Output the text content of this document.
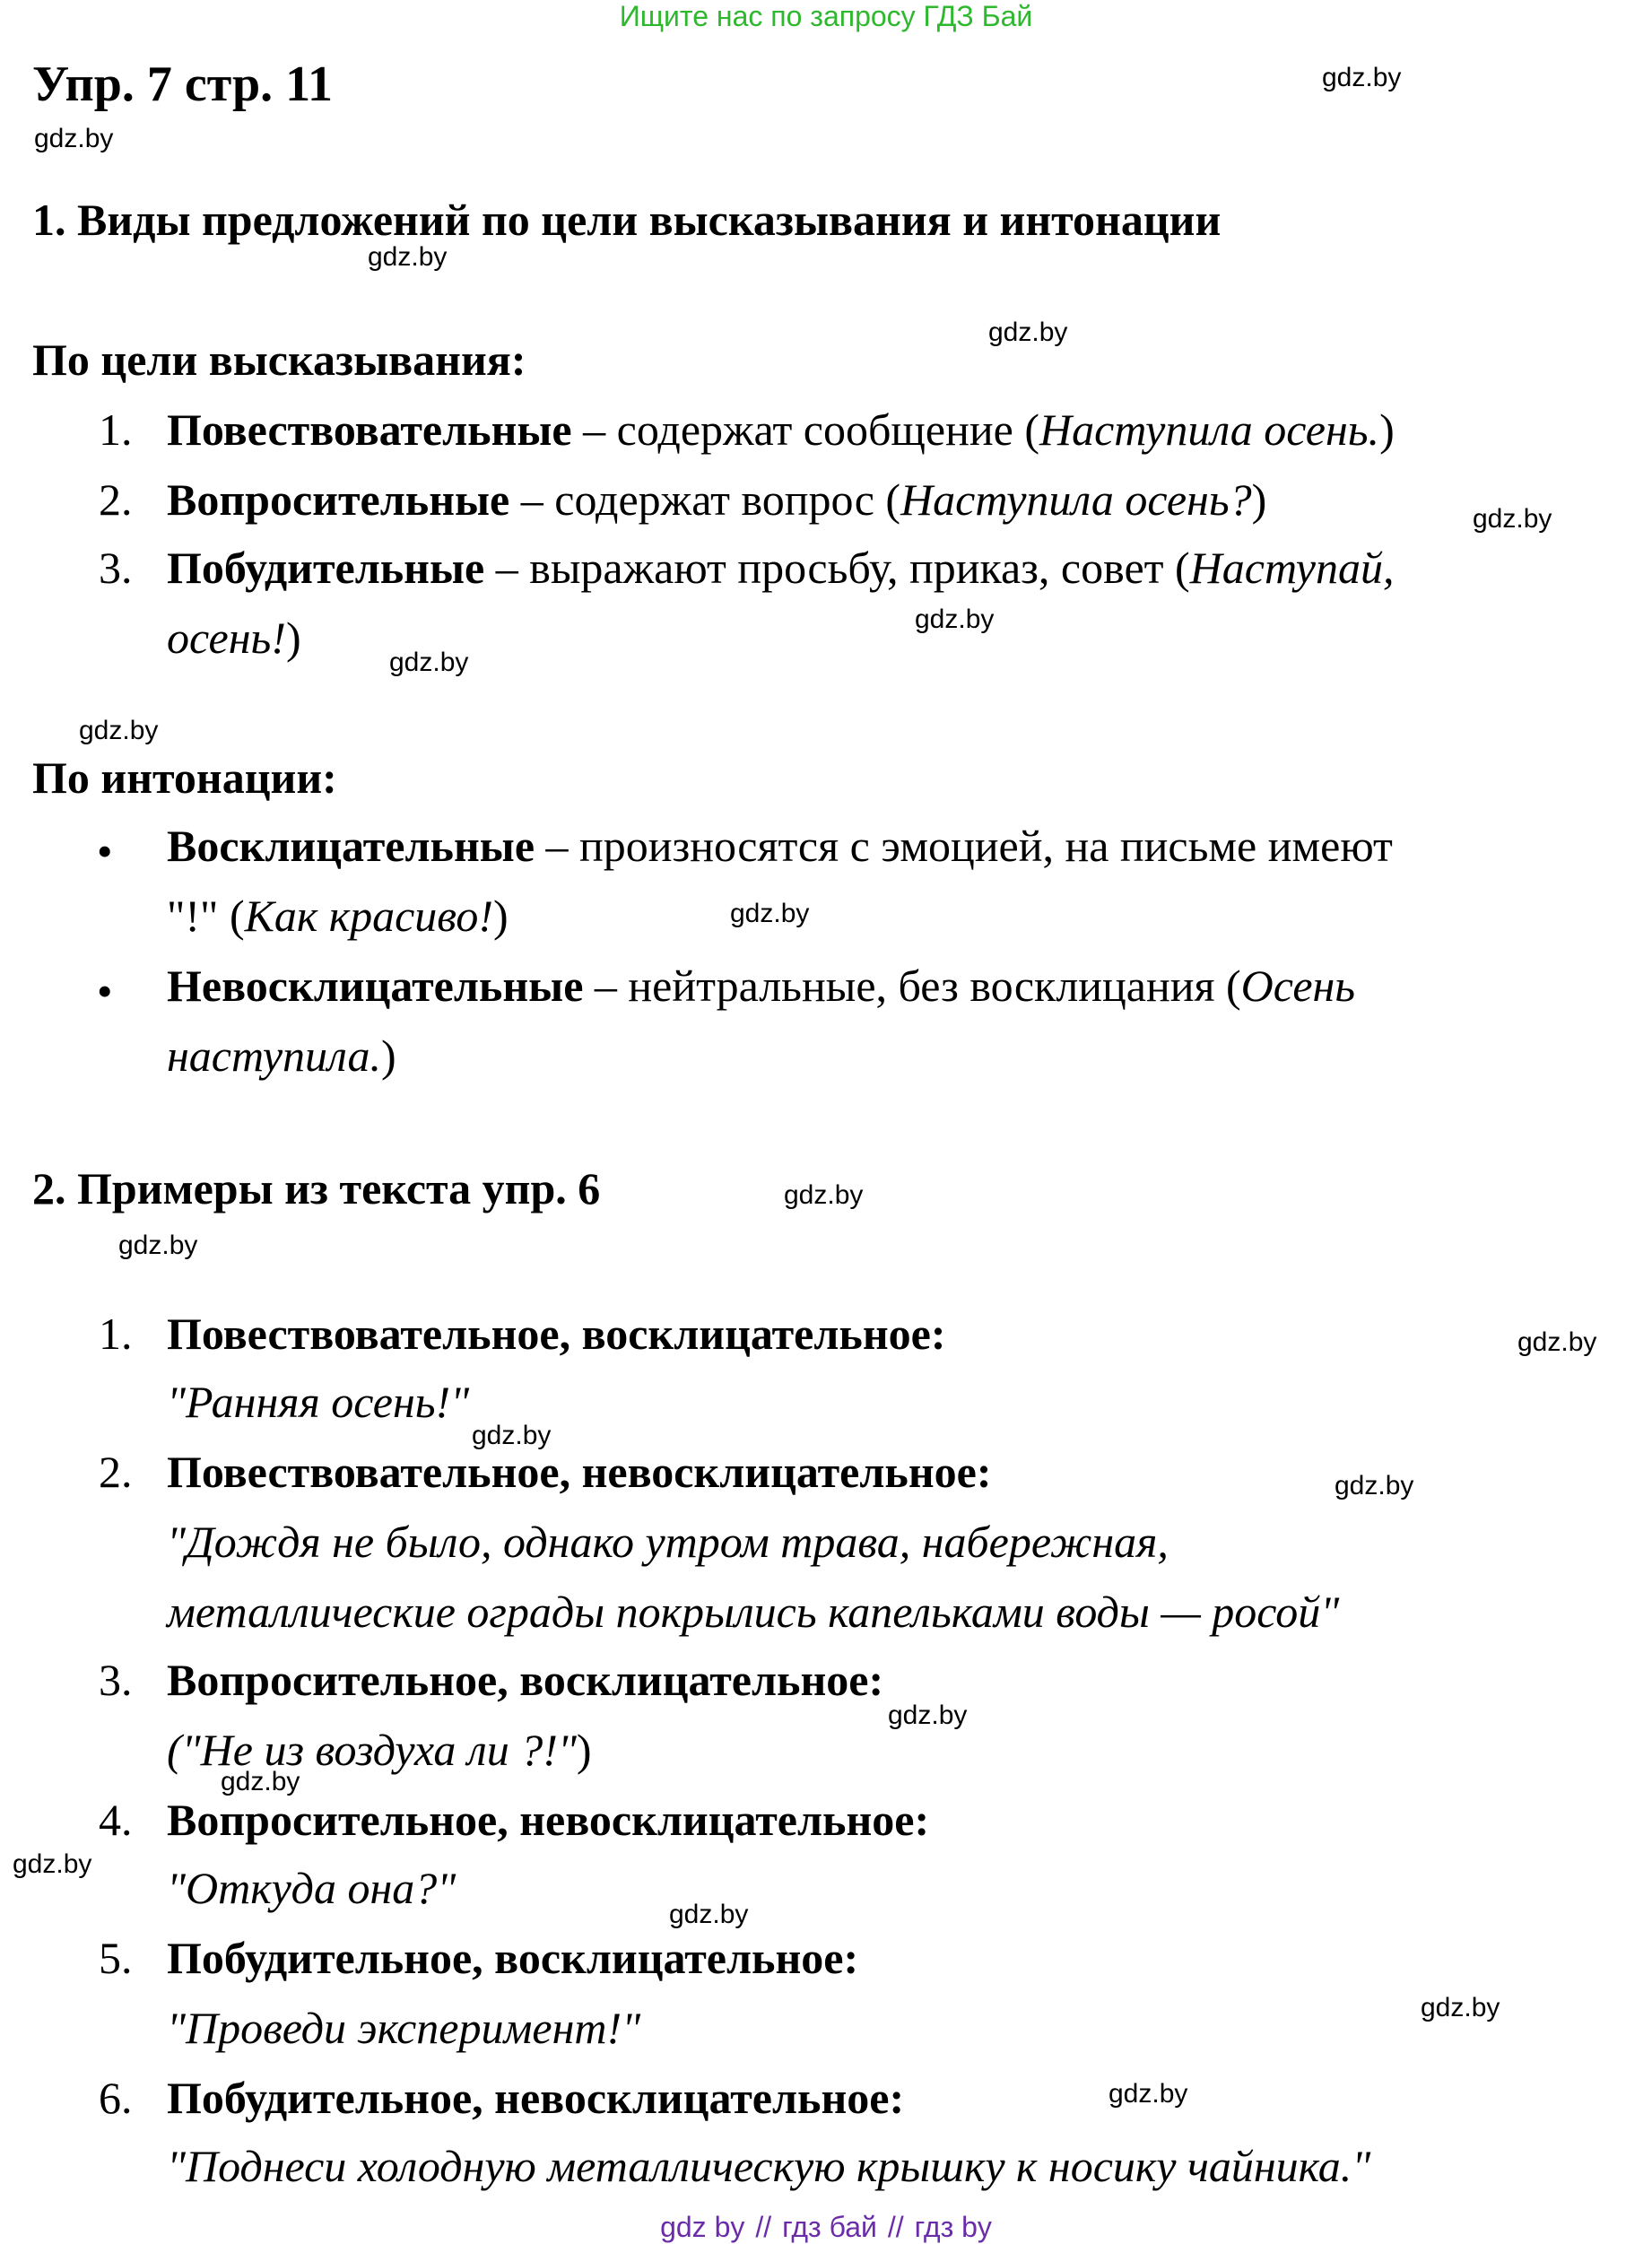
Ищите нас по запросу ГДЗ Бай
Упр. 7 стр. 11
1. Виды предложений по цели высказывания и интонации
По цели высказывания:
1. Повествовательные – содержат сообщение (Наступила осень.)
2. Вопросительные – содержат вопрос (Наступила осень?)
3. Побудительные – выражают просьбу, приказ, совет (Наступай,
осень!)
По интонации:
• Восклицательные – произносятся с эмоцией, на письме имеют
"!" (Как красиво!)
• Невосклицательные – нейтральные, без восклицания (Осень
наступила.)
2. Примеры из текста упр. 6
1. Повествовательное, восклицательное:
"Ранняя осень!"
2. Повествовательное, невосклицательное:
"Дождя не было, однако утром трава, набережная,
металлические ограды покрылись капельками воды — росой"
3. Вопросительное, восклицательное:
("Не из воздуха ли ?!")
4. Вопросительное, невосклицательное:
"Откуда она?"
5. Побудительное, восклицательное:
"Проведи эксперимент!"
6. Побудительное, невосклицательное:
"Поднеси холодную металлическую крышку к носику чайника."
gdz.by
gdz.by
gdz.by
gdz.by
gdz.by
gdz.by
gdz.by
gdz.by
gdz.by
gdz.by
gdz.by
gdz.by
gdz.by
gdz.by
gdz.by
gdz.by
gdz.by
gdz.by
gdz.by
gdz.by
gdz by // гдз бай // гдз by
